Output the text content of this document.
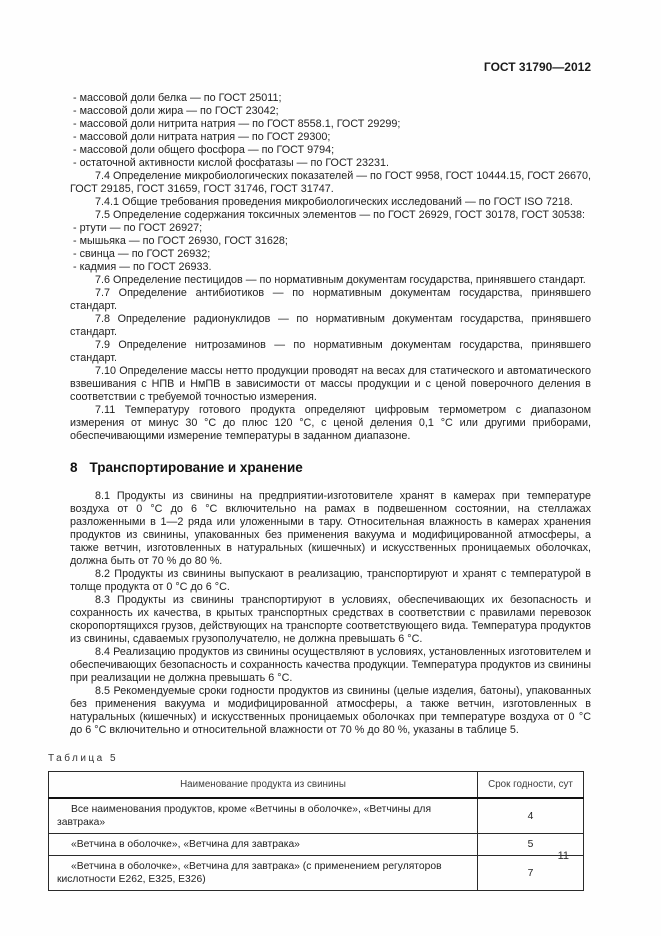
ГОСТ 31790—2012

- массовой доли белка — по ГОСТ 25011;

- массовой доли жира — по ГОСТ 23042;

- массовой доли нитрита натрия — по ГОСТ 8558.1, ГОСТ 29299;

- массовой доли нитрата натрия — по ГОСТ 29300;

- массовой доли общего фосфора — по ГОСТ 9794;

- остаточной активности кислой фосфатазы — по ГОСТ 23231.

7.4 Определение микробиологических показателей — по ГОСТ 9958, ГОСТ 10444.15, ГОСТ 26670, ГОСТ 29185, ГОСТ 31659, ГОСТ 31746, ГОСТ 31747.

7.4.1 Общие требования проведения микробиологических исследований — по ГОСТ ISO 7218.

7.5 Определение содержания токсичных элементов — по ГОСТ 26929, ГОСТ 30178, ГОСТ 30538:

- ртути — по ГОСТ 26927;

- мышьяка — по ГОСТ 26930, ГОСТ 31628;

- свинца — по ГОСТ 26932;

- кадмия — по ГОСТ 26933.

7.6 Определение пестицидов — по нормативным документам государства, принявшего стандарт.

7.7 Определение антибиотиков — по нормативным документам государства, принявшего стандарт.

7.8 Определение радионуклидов — по нормативным документам государства, принявшего стандарт.

7.9 Определение нитрозаминов — по нормативным документам государства, принявшего стандарт.

7.10 Определение массы нетто продукции проводят на весах для статического и автоматического взвешивания с НПВ и НмПВ в зависимости от массы продукции и с ценой поверочного деления в соответствии с требуемой точностью измерения.

7.11 Температуру готового продукта определяют цифровым термометром с диапазоном измерения от минус 30 °С до плюс 120 °С, с ценой деления 0,1 °С или другими приборами, обеспечивающими измерение температуры в заданном диапазоне.

8 Транспортирование и хранение

8.1 Продукты из свинины на предприятии-изготовителе хранят в камерах при температуре воздуха от 0 °С до 6 °С включительно на рамах в подвешенном состоянии, на стеллажах разложенными в 1—2 ряда или уложенными в тару. Относительная влажность в камерах хранения продуктов из свинины, упакованных без применения вакуума и модифицированной атмосферы, а также ветчин, изготовленных в натуральных (кишечных) и искусственных проницаемых оболочках, должна быть от 70 % до 80 %.

8.2 Продукты из свинины выпускают в реализацию, транспортируют и хранят с температурой в толще продукта от 0 °С до 6 °С.

8.3 Продукты из свинины транспортируют в условиях, обеспечивающих их безопасность и сохранность их качества, в крытых транспортных средствах в соответствии с правилами перевозок скоропортящихся грузов, действующих на транспорте соответствующего вида. Температура продуктов из свинины, сдаваемых грузополучателю, не должна превышать 6 °С.

8.4 Реализацию продуктов из свинины осуществляют в условиях, установленных изготовителем и обеспечивающих безопасность и сохранность качества продукции. Температура продуктов из свинины при реализации не должна превышать 6 °С.

8.5 Рекомендуемые сроки годности продуктов из свинины (целые изделия, батоны), упакованных без применения вакуума и модифицированной атмосферы, а также ветчин, изготовленных в натуральных (кишечных) и искусственных проницаемых оболочках при температуре воздуха от 0 °С до 6 °С включительно и относительной влажности от 70 % до 80 %, указаны в таблице 5.

Таблица 5
Наименование продукта из свинины	Срок годности, сут
Все наименования продуктов, кроме «Ветчины в оболочке», «Ветчины для завтрака»	4
«Ветчина в оболочке», «Ветчина для завтрака»	5
«Ветчина в оболочке», «Ветчина для завтрака» (с применением регуляторов кислотности Е262, Е325, Е326)	7
11
